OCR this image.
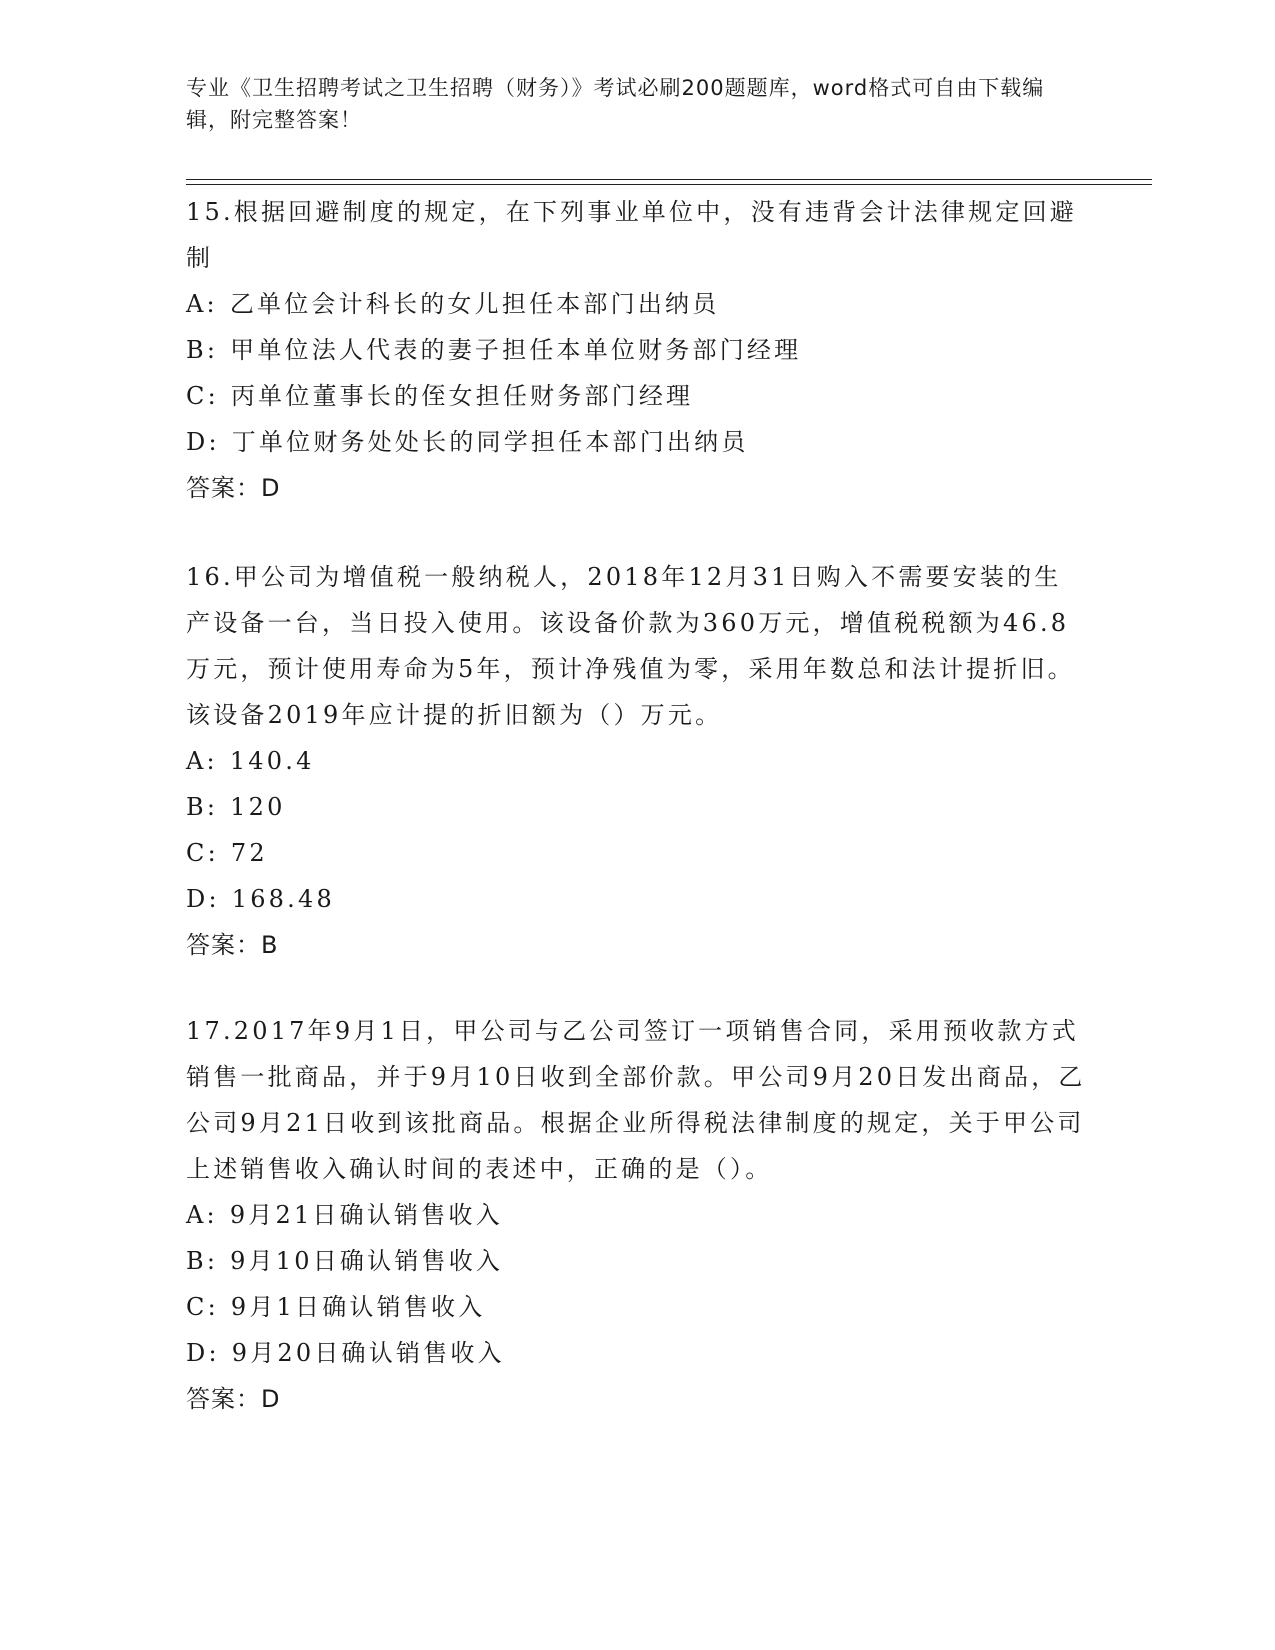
专业《卫生招聘考试之卫生招聘（财务）》考试必刷200题题库，word格式可自由下载编辑，附完整答案！
15.根据回避制度的规定，在下列事业单位中，没有违背会计法律规定回避制
A: 乙单位会计科长的女儿担任本部门出纳员
B: 甲单位法人代表的妻子担任本单位财务部门经理
C: 丙单位董事长的侄女担任财务部门经理
D: 丁单位财务处处长的同学担任本部门出纳员
答案：D
16.甲公司为增值税一般纳税人，2018年12月31日购入不需要安装的生产设备一台，当日投入使用。该设备价款为360万元，增值税税额为46.8万元，预计使用寿命为5年，预计净残值为零，采用年数总和法计提折旧。该设备2019年应计提的折旧额为（）万元。
A: 140.4
B: 120
C: 72
D: 168.48
答案：B
17.2017年9月1日，甲公司与乙公司签订一项销售合同，采用预收款方式销售一批商品，并于9月10日收到全部价款。甲公司9月20日发出商品，乙公司9月21日收到该批商品。根据企业所得税法律制度的规定，关于甲公司上述销售收入确认时间的表述中，正确的是（）。
A: 9月21日确认销售收入
B: 9月10日确认销售收入
C: 9月1日确认销售收入
D: 9月20日确认销售收入
答案：D
